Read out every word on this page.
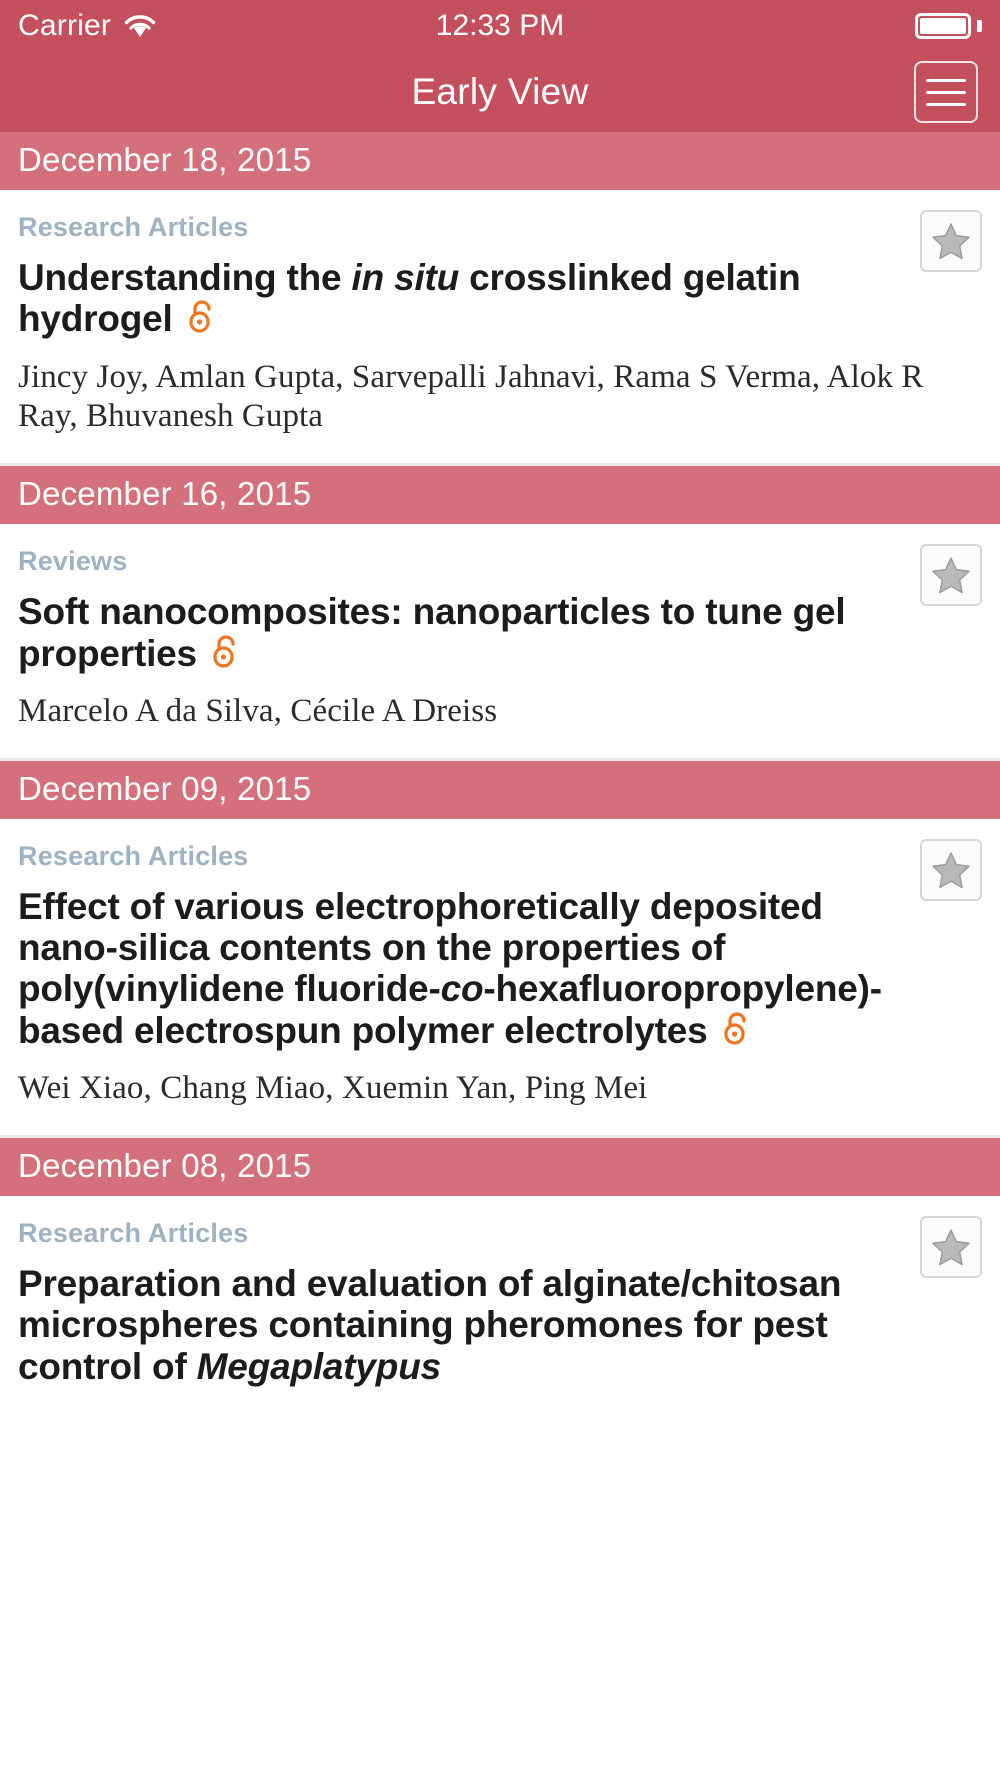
Carrier	12:33 PM
Early View
December 18, 2015
Research Articles
Understanding the in situ crosslinked gelatin hydrogel
Jincy Joy, Amlan Gupta, Sarvepalli Jahnavi, Rama S Verma, Alok R Ray, Bhuvanesh Gupta
December 16, 2015
Reviews
Soft nanocomposites: nanoparticles to tune gel properties
Marcelo A da Silva, Cécile A Dreiss
December 09, 2015
Research Articles
Effect of various electrophoretically deposited nano-silica contents on the properties of poly(vinylidene fluoride-co-hexafluoropropylene)-based electrospun polymer electrolytes
Wei Xiao, Chang Miao, Xuemin Yan, Ping Mei
December 08, 2015
Research Articles
Preparation and evaluation of alginate/chitosan microspheres containing pheromones for pest control of Megaplatypus
